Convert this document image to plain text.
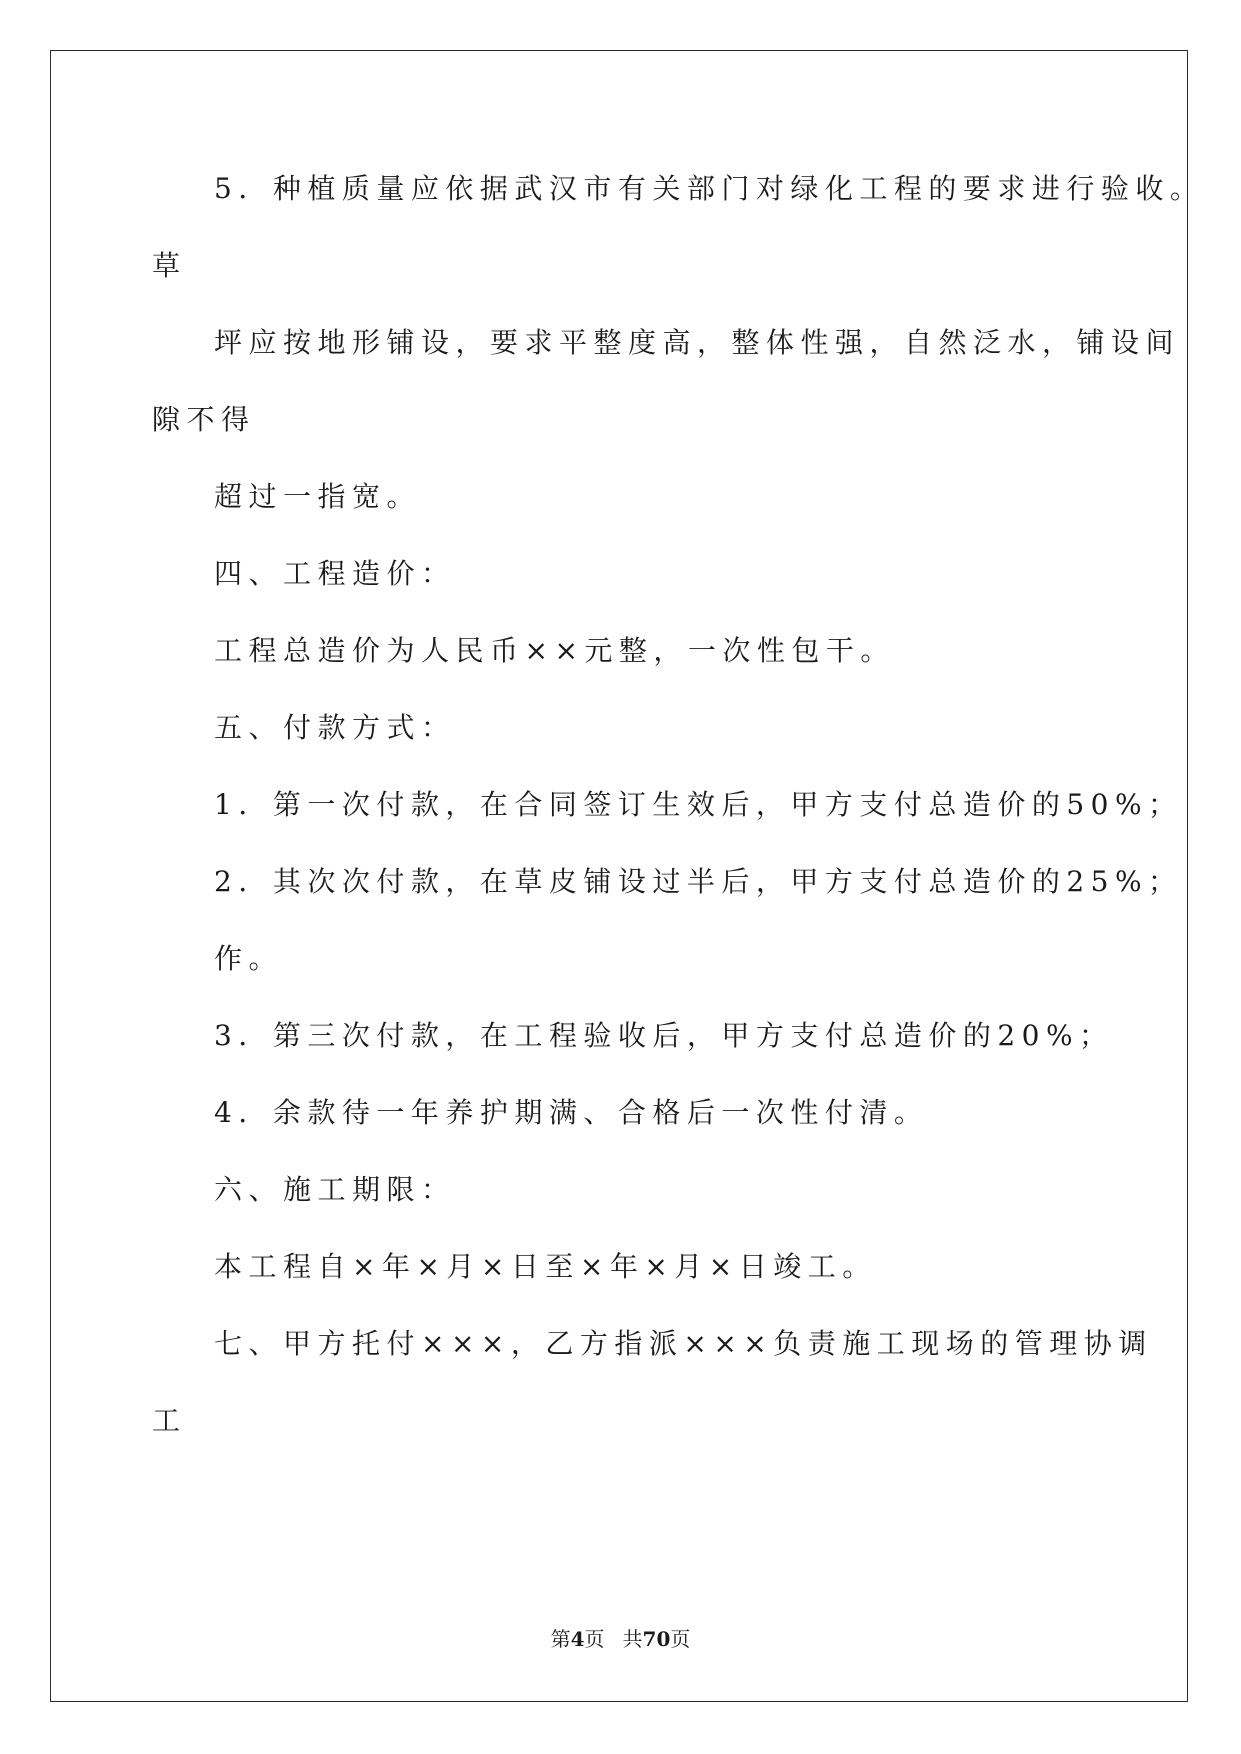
5．种植质量应依据武汉市有关部门对绿化工程的要求进行验收。

草

坪应按地形铺设，要求平整度高，整体性强，自然泛水，铺设间

隙不得

超过一指宽。

四、工程造价：

工程总造价为人民币××元整，一次性包干。

五、付款方式：

1．第一次付款，在合同签订生效后，甲方支付总造价的50%；

2．其次次付款，在草皮铺设过半后，甲方支付总造价的25%；

作。

3．第三次付款，在工程验收后，甲方支付总造价的20%；

4．余款待一年养护期满、合格后一次性付清。

六、施工期限：

本工程自×年×月×日至×年×月×日竣工。

七、甲方托付×××，乙方指派×××负责施工现场的管理协调

工

第4页 共70页
